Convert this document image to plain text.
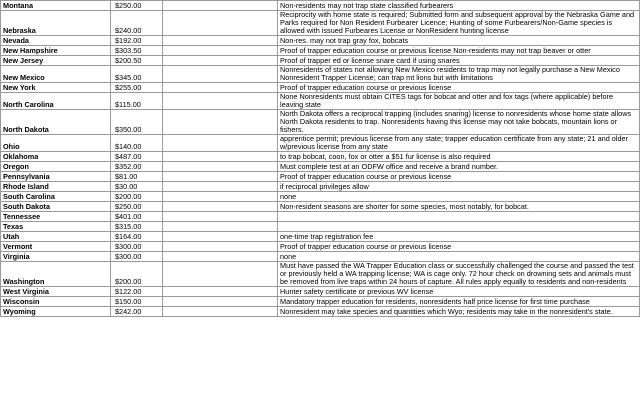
Montana	$250.00		Non-residents may not trap state classified furbearers
Nebraska	$240.00		Reciprocity with home state is required; Submitted form and subsequent approval by the Nebraska Game and Parks required for Non Resident Furbearer Licence; Hunting of some Furbearers/Non-Game species is allowed with issued Furbeares License or NonResident hunting license
Nevada	$192.00		Non-res. may not trap gray fox, bobcats
New Hampshire	$303.50		Proof of trapper education course or previous license Non-residents may not trap beaver or otter
New Jersey	$200.50		Proof of trapper ed or license snare card if using snares
New Mexico	$345.00		Nonresidents of states not allowing New Mexico residents to trap may not legally purchase a New Mexico Nonresident Trapper License; can trap mt lions but with limitations
New York	$255.00		Proof of trapper education course or previous license
North Carolina	$115.00		None Nonresidents must obtain CITES tags for bobcat and otter and fox tags (where applicable) before leaving state
North Dakota	$350.00		North Dakota offers a reciprocal trapping (includes snaring) license to nonresidents whose home state allows North Dakota residents to trap. Nonresidents having this license may not take bobcats, mountain lions or fishers.
Ohio	$140.00		apprentice permit; previous license from any state; trapper education certificate from any state; 21 and older w/previous license from any state
Oklahoma	$487.00		to trap bobcat, coon, fox or otter a $51 fur license is also required
Oregon	$352.00		Must complete test at an ODFW office and receive a brand number.
Pennsylvania	$81.00		Proof of trapper education course or previous license
Rhode Island	$30.00		if reciprocal privileges allow
South Carolina	$200.00		none
South Dakota	$250.00		Non-resident seasons are shorter for some species, most notably, for bobcat.
Tennessee	$401.00		
Texas	$315.00		
Utah	$164.00		one-time trap registration fee
Vermont	$300.00		Proof of trapper education course or previous license
Virginia	$300.00		none
Washington	$200.00		Must have passed the WA Trapper Education class or successfully challenged the course and passed the test or previously held a WA trapping license; WA is cage only. 72 hour check on drowning sets and animals must be removed from live traps within 24 hours of capture. All rules apply equally to residents and non-residents
West Virginia	$122.00		Hunter safety certificate or previous WV license
Wisconsin	$150.00		Mandatory trapper education for residents, nonresidents half price license for first time purchase
Wyoming	$242.00		Nonresident may take species and quantities which Wyo; residents may take in the nonresident's state.
